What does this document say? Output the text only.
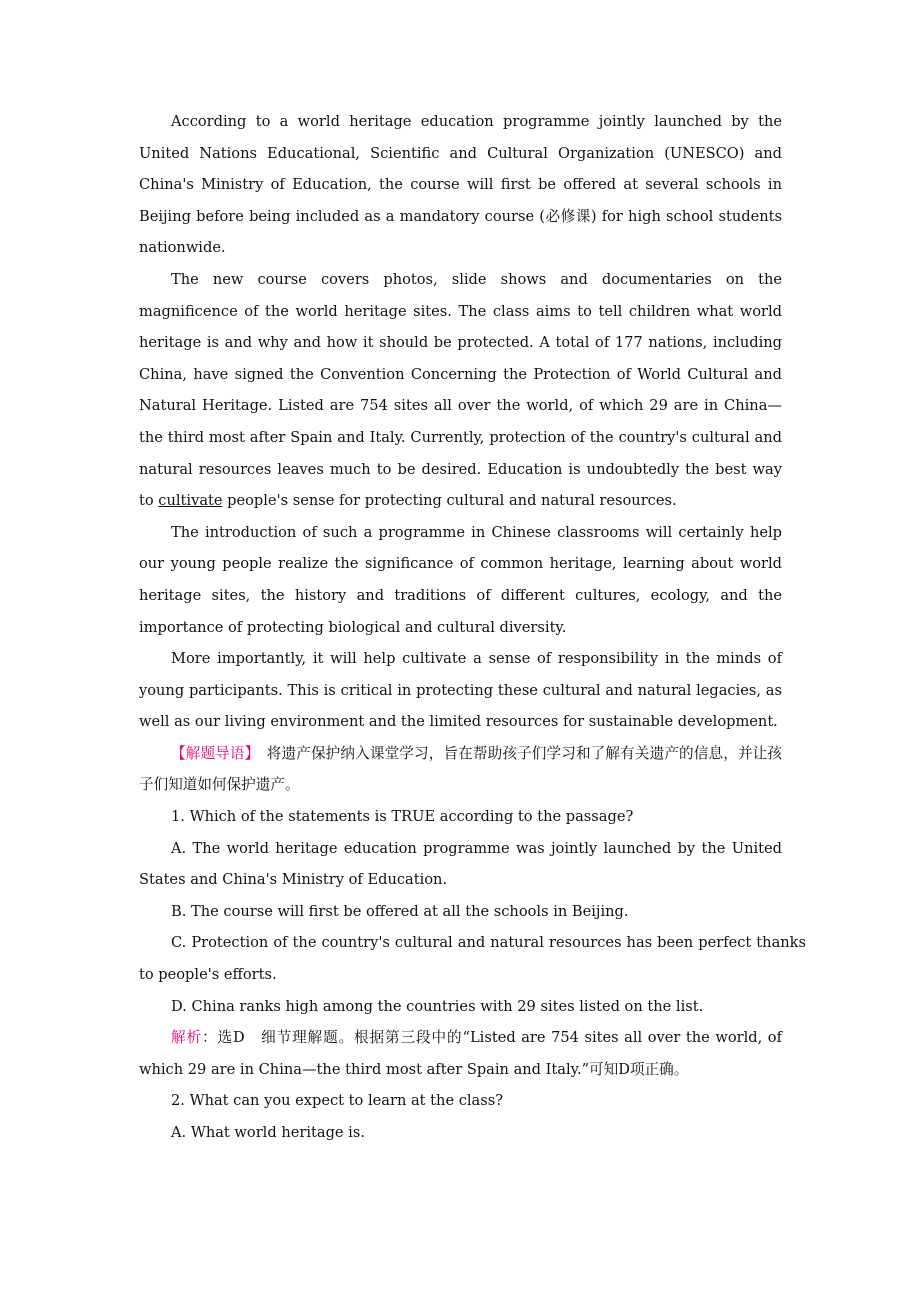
According to a world heritage education programme jointly launched by the United Nations Educational, Scientific and Cultural Organization (UNESCO) and China's Ministry of Education, the course will first be offered at several schools in Beijing before being included as a mandatory course (必修课) for high school students nationwide.

The new course covers photos, slide shows and documentaries on the magnificence of the world heritage sites. The class aims to tell children what world heritage is and why and how it should be protected. A total of 177 nations, including China, have signed the Convention Concerning the Protection of World Cultural and Natural Heritage. Listed are 754 sites all over the world, of which 29 are in China—the third most after Spain and Italy. Currently, protection of the country's cultural and natural resources leaves much to be desired. Education is undoubtedly the best way to cultivate people's sense for protecting cultural and natural resources.

The introduction of such a programme in Chinese classrooms will certainly help our young people realize the significance of common heritage, learning about world heritage sites, the history and traditions of different cultures, ecology, and the importance of protecting biological and cultural diversity.

More importantly, it will help cultivate a sense of responsibility in the minds of young participants. This is critical in protecting these cultural and natural legacies, as well as our living environment and the limited resources for sustainable development.

【解题导语】　将遗产保护纳入课堂学习，旨在帮助孩子们学习和了解有关遗产的信息，并让孩子们知道如何保护遗产。

1. Which of the statements is TRUE according to the passage?

A. The world heritage education programme was jointly launched by the United States and China's Ministry of Education.

B. The course will first be offered at all the schools in Beijing.

C. Protection of the country's cultural and natural resources has been perfect thanks to people's efforts.

D. China ranks high among the countries with 29 sites listed on the list.

解析：选D　细节理解题。根据第三段中的“Listed are 754 sites all over the world, of which 29 are in China—the third most after Spain and Italy.”可知D项正确。

2. What can you expect to learn at the class?

A. What world heritage is.
